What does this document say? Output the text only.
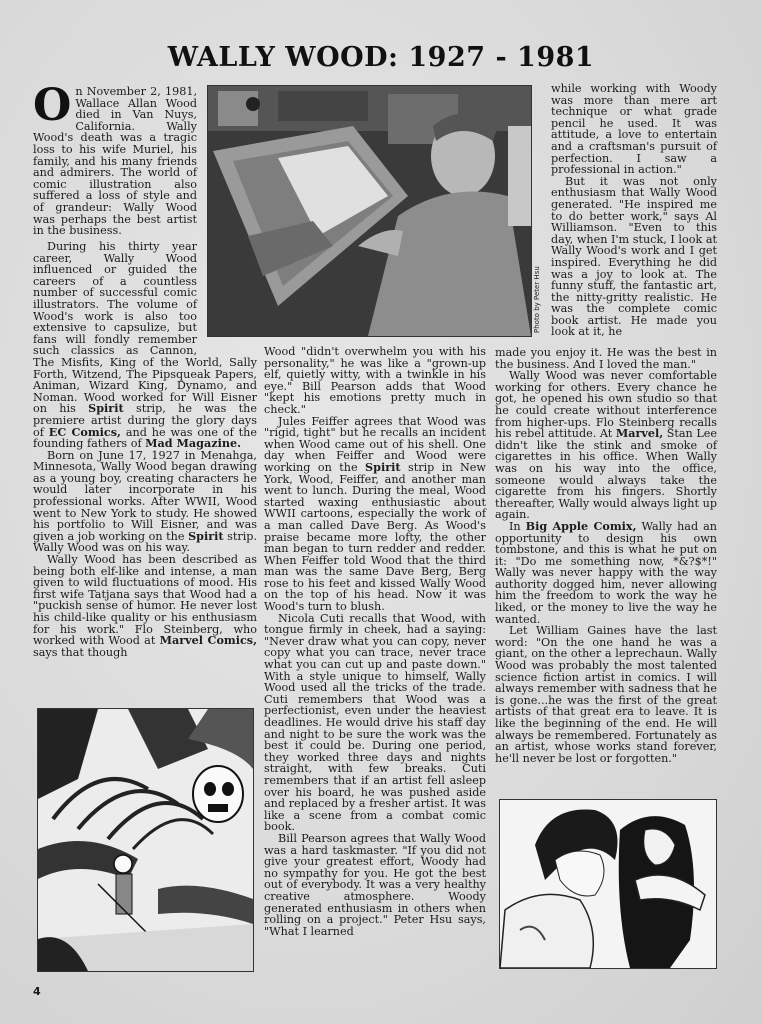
WALLY WOOD: 1927 - 1981

On November 2, 1981, Wallace Allan Wood died in Van Nuys, California. Wally Wood's death was a tragic loss to his wife Muriel, his family, and his many friends and admirers. The world of comic illustration also suffered a loss of style and of grandeur: Wally Wood was perhaps the best artist in the business.

During his thirty year career, Wally Wood influenced or guided the careers of a countless number of successful comic illustrators. The volume of Wood's work is also too extensive to capsulize, but fans will fondly remember such classics as Cannon, The Misfits, King of the World, Sally Forth, Witzend, The Pipsqueak Papers, Animan, Wizard King, Dynamo, and Noman. Wood worked for Will Eisner on his Spirit strip, he was the premiere artist during the glory days of EC Comics, and he was one of the founding fathers of Mad Magazine.

Born on June 17, 1927 in Menahga, Minnesota, Wally Wood began drawing as a young boy, creating characters he would later incorporate in his professional works. After WWII, Wood went to New York to study. He showed his portfolio to Will Eisner, and was given a job working on the Spirit strip. Wally Wood was on his way.

Wally Wood has been described as being both elf-like and intense, a man given to wild fluctuations of mood. His first wife Tatjana says that Wood had a "puckish sense of humor. He never lost his child-like quality or his enthusiasm for his work." Flo Steinberg, who worked with Wood at Marvel Comics, says that though

Photo by Peter Hsu

Wood "didn't overwhelm you with his personality," he was like a "grown-up elf, quietly witty, with a twinkle in his eye." Bill Pearson adds that Wood "kept his emotions pretty much in check."

Jules Feiffer agrees that Wood was "rigid, tight" but he recalls an incident when Wood came out of his shell. One day when Feiffer and Wood were working on the Spirit strip in New York, Wood, Feiffer, and another man went to lunch. During the meal, Wood started waxing enthusiastic about WWII cartoons, especially the work of a man called Dave Berg. As Wood's praise became more lofty, the other man began to turn redder and redder. When Feiffer told Wood that the third man was the same Dave Berg, Berg rose to his feet and kissed Wally Wood on the top of his head. Now it was Wood's turn to blush.

Nicola Cuti recalls that Wood, with tongue firmly in cheek, had a saying: "Never draw what you can copy, never copy what you can trace, never trace what you can cut up and paste down." With a style unique to himself, Wally Wood used all the tricks of the trade. Cuti remembers that Wood was a perfectionist, even under the heaviest deadlines. He would drive his staff day and night to be sure the work was the best it could be. During one period, they worked three days and nights straight, with few breaks. Cuti remembers that if an artist fell asleep over his board, he was pushed aside and replaced by a fresher artist. It was like a scene from a combat comic book.

Bill Pearson agrees that Wally Wood was a hard taskmaster. "If you did not give your greatest effort, Woody had no sympathy for you. He got the best out of everybody. It was a very healthy creative atmosphere. Woody generated enthusiasm in others when rolling on a project." Peter Hsu says, "What I learned

while working with Woody was more than mere art technique or what grade pencil he used. It was attitude, a love to entertain and a craftsman's pursuit of perfection. I saw a professional in action."

But it was not only enthusiasm that Wally Wood generated. "He inspired me to do better work," says Al Williamson. "Even to this day, when I'm stuck, I look at Wally Wood's work and I get inspired. Everything he did was a joy to look at. The funny stuff, the fantastic art, the nitty-gritty realistic. He was the complete comic book artist. He made you look at it, he

made you enjoy it. He was the best in the business. And I loved the man."

Wally Wood was never comfortable working for others. Every chance he got, he opened his own studio so that he could create without interference from higher-ups. Flo Steinberg recalls his rebel attitude. At Marvel, Stan Lee didn't like the stink and smoke of cigarettes in his office. When Wally was on his way into the office, someone would always take the cigarette from his fingers. Shortly thereafter, Wally would always light up again.

In Big Apple Comix, Wally had an opportunity to design his own tombstone, and this is what he put on it: "Do me something now, *&?$*!" Wally was never happy with the way authority dogged him, never allowing him the freedom to work the way he liked, or the money to live the way he wanted.

Let William Gaines have the last word: "On the one hand he was a giant, on the other a leprechaun. Wally Wood was probably the most talented science fiction artist in comics. I will always remember with sadness that he is gone...he was the first of the great artists of that great era to leave. It is like the beginning of the end. He will always be remembered. Fortunately as an artist, whose works stand forever, he'll never be lost or forgotten."

4
